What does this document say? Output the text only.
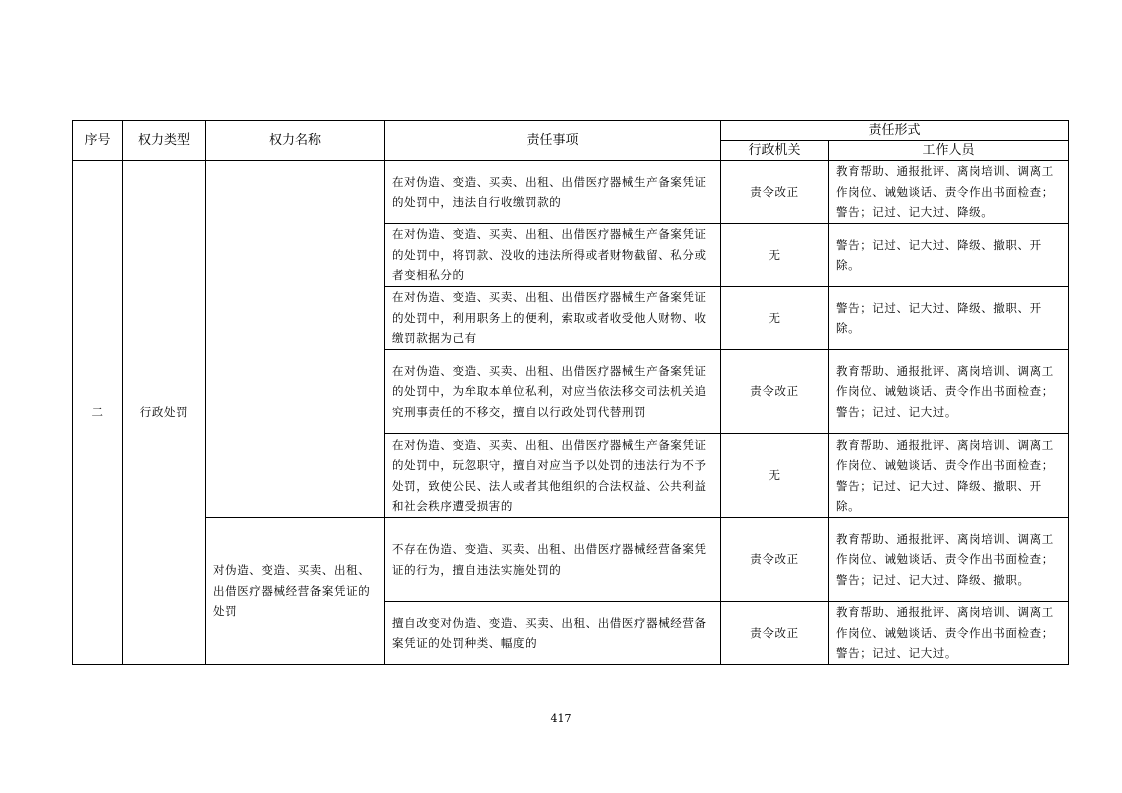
序号	权力类型	权力名称	责任事项	责任形式	
				行政机关	工作人员
二	行政处罚		在对伪造、变造、买卖、出租、出借医疗器械生产备案凭证的处罚中，违法自行收缴罚款的	责令改正	教育帮助、通报批评、离岗培训、调离工作岗位、诫勉谈话、责令作出书面检查；警告；记过、记大过、降级。
			在对伪造、变造、买卖、出租、出借医疗器械生产备案凭证的处罚中，将罚款、没收的违法所得或者财物截留、私分或者变相私分的	无	警告；记过、记大过、降级、撤职、开除。
			在对伪造、变造、买卖、出租、出借医疗器械生产备案凭证的处罚中，利用职务上的便利，索取或者收受他人财物、收缴罚款据为己有	无	警告；记过、记大过、降级、撤职、开除。
			在对伪造、变造、买卖、出租、出借医疗器械生产备案凭证的处罚中，为牟取本单位私利，对应当依法移交司法机关追究刑事责任的不移交，擅自以行政处罚代替刑罚	责令改正	教育帮助、通报批评、离岗培训、调离工作岗位、诫勉谈话、责令作出书面检查；警告；记过、记大过。
			在对伪造、变造、买卖、出租、出借医疗器械生产备案凭证的处罚中，玩忽职守，擅自对应当予以处罚的违法行为不予处罚，致使公民、法人或者其他组织的合法权益、公共利益和社会秩序遭受损害的	无	教育帮助、通报批评、离岗培训、调离工作岗位、诫勉谈话、责令作出书面检查；警告；记过、记大过、降级、撤职、开除。
		对伪造、变造、买卖、出租、出借医疗器械经营备案凭证的处罚	不存在伪造、变造、买卖、出租、出借医疗器械经营备案凭证的行为，擅自违法实施处罚的	责令改正	教育帮助、通报批评、离岗培训、调离工作岗位、诫勉谈话、责令作出书面检查；警告；记过、记大过、降级、撤职。
			擅自改变对伪造、变造、买卖、出租、出借医疗器械经营备案凭证的处罚种类、幅度的	责令改正	教育帮助、通报批评、离岗培训、调离工作岗位、诫勉谈话、责令作出书面检查；警告；记过、记大过。
417
